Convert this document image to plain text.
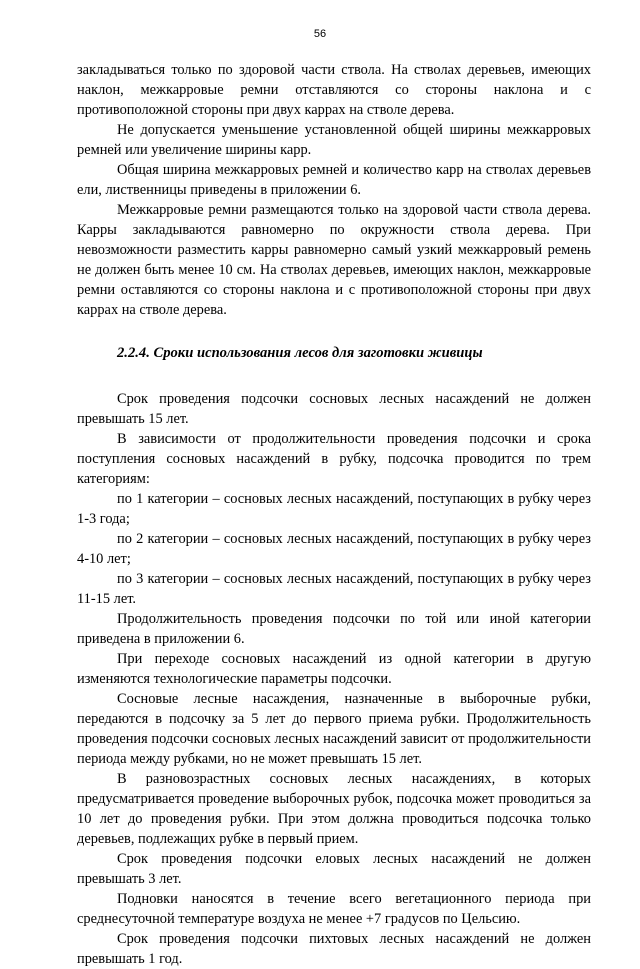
56

закладываться только по здоровой части ствола. На стволах деревьев, имеющих наклон, межкарровые ремни отставляются со стороны наклона и с противоположной стороны при двух каррах на стволе дерева.

Не допускается уменьшение установленной общей ширины межкарровых ремней или увеличение ширины карр.

Общая ширина межкарровых ремней и количество карр на стволах деревьев ели, лиственницы приведены в приложении 6.

Межкарровые ремни размещаются только на здоровой части ствола дерева. Карры закладываются равномерно по окружности ствола дерева. При невозможности разместить карры равномерно самый узкий межкарровый ремень не должен быть менее 10 см. На стволах деревьев, имеющих наклон, межкарровые ремни оставляются со стороны наклона и с противоположной стороны при двух каррах на стволе дерева.

2.2.4. Сроки использования лесов для заготовки живицы

Срок проведения подсочки сосновых лесных насаждений не должен превышать 15 лет.

В зависимости от продолжительности проведения подсочки и срока поступления сосновых насаждений в рубку, подсочка проводится по трем категориям:

по 1 категории – сосновых лесных насаждений, поступающих в рубку через 1-3 года;

по 2 категории – сосновых лесных насаждений, поступающих в рубку через 4-10 лет;

по 3 категории – сосновых лесных насаждений, поступающих в рубку через 11-15 лет.

Продолжительность проведения подсочки по той или иной категории приведена в приложении 6.

При переходе сосновых насаждений из одной категории в другую изменяются технологические параметры подсочки.

Сосновые лесные насаждения, назначенные в выборочные рубки, передаются в подсочку за 5 лет до первого приема рубки. Продолжительность проведения подсочки сосновых лесных насаждений зависит от продолжительности периода между рубками, но не может превышать 15 лет.

В разновозрастных сосновых лесных насаждениях, в которых предусматривается проведение выборочных рубок, подсочка может проводиться за 10 лет до проведения рубки. При этом должна проводиться подсочка только деревьев, подлежащих рубке в первый прием.

Срок проведения подсочки еловых лесных насаждений не должен превышать 3 лет.

Подновки наносятся в течение всего вегетационного периода при среднесуточной температуре воздуха не менее +7 градусов по Цельсию.

Срок проведения подсочки пихтовых лесных насаждений не должен превышать 1 год.
